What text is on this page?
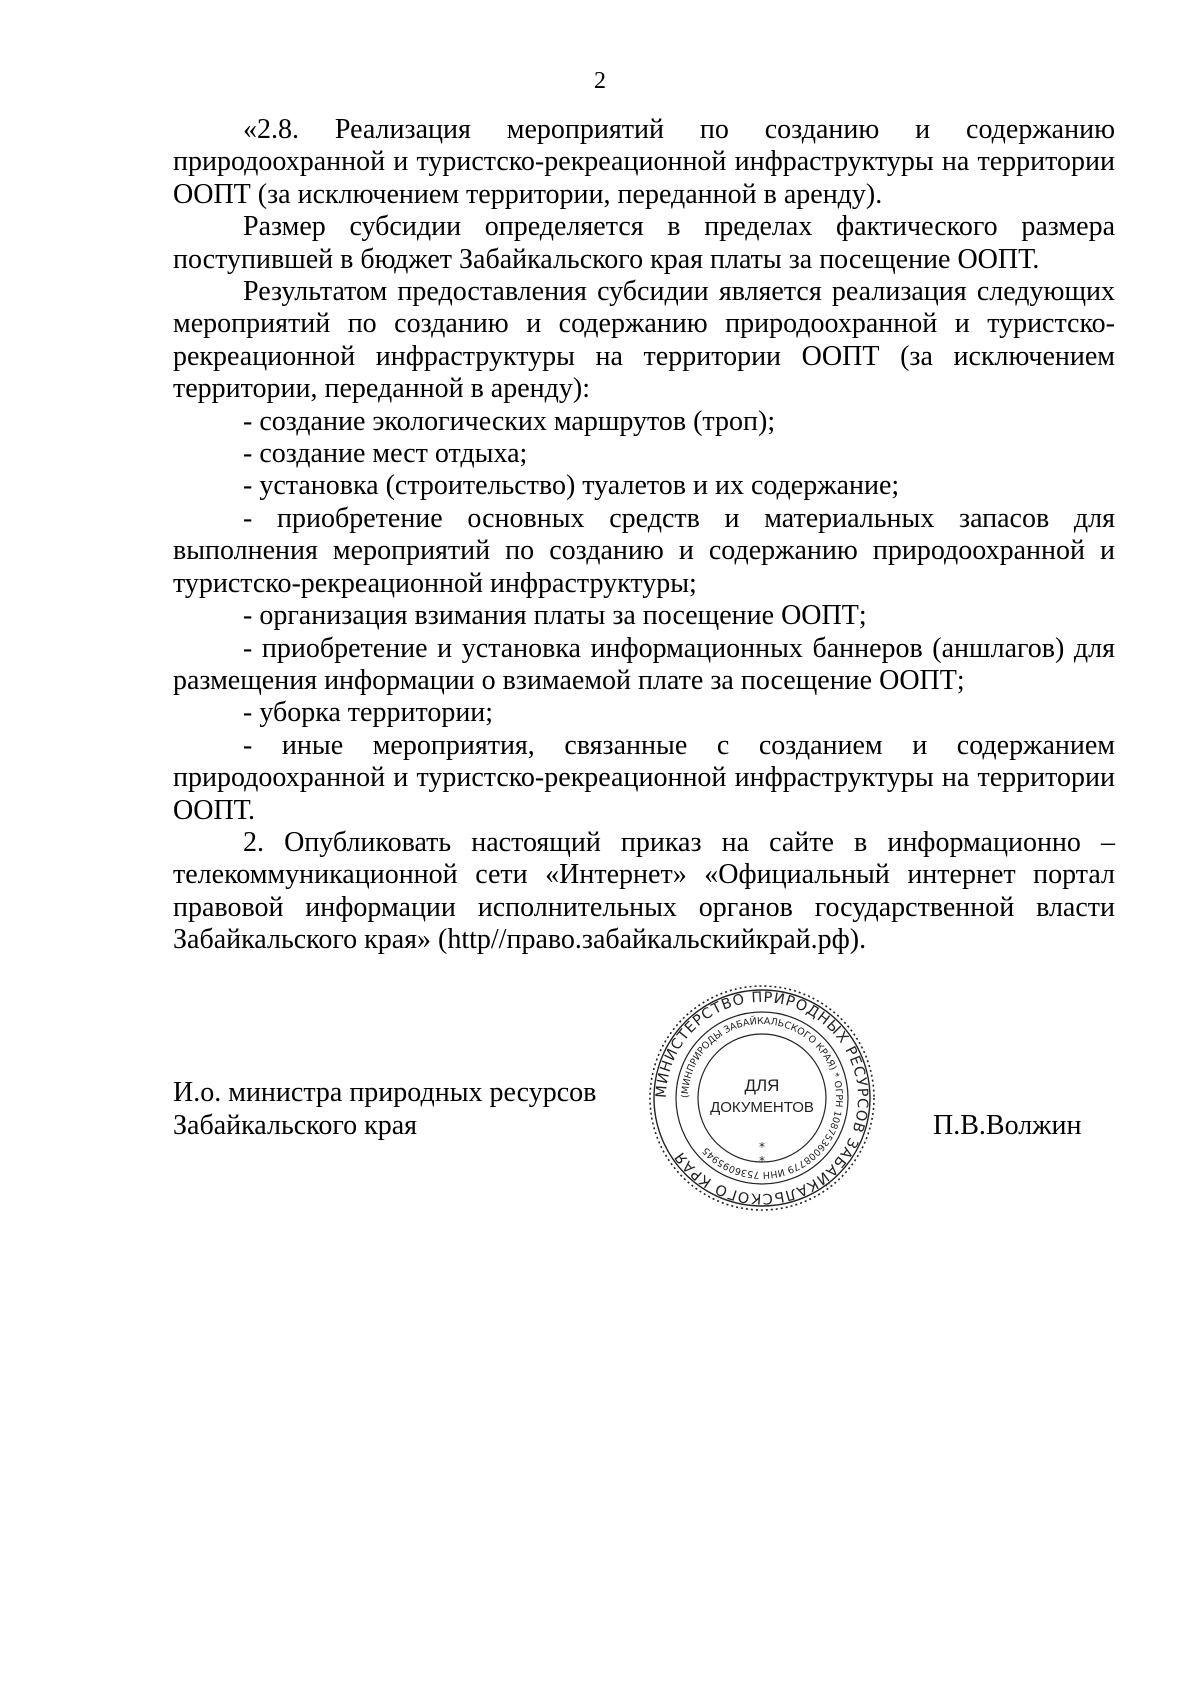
2

«2.8. Реализация мероприятий по созданию и содержанию природоохранной и туристско-рекреационной инфраструктуры на территории ООПТ (за исключением территории, переданной в аренду).

Размер субсидии определяется в пределах фактического размера поступившей в бюджет Забайкальского края платы за посещение ООПТ.

Результатом предоставления субсидии является реализация следующих мероприятий по созданию и содержанию природоохранной и туристско-рекреационной инфраструктуры на территории ООПТ (за исключением территории, переданной в аренду):

- создание экологических маршрутов (троп);

- создание мест отдыха;

- установка (строительство) туалетов и их содержание;

- приобретение основных средств и материальных запасов для выполнения мероприятий по созданию и содержанию природоохранной и туристско-рекреационной инфраструктуры;

- организация взимания платы за посещение ООПТ;

- приобретение и установка информационных баннеров (аншлагов) для размещения информации о взимаемой плате за посещение ООПТ;

- уборка территории;

- иные мероприятия, связанные с созданием и содержанием природоохранной и туристско-рекреационной инфраструктуры на территории ООПТ.

2. Опубликовать настоящий приказ на сайте в информационно – телекоммуникационной сети «Интернет» «Официальный интернет портал правовой информации исполнительных органов государственной власти Забайкальского края» (http//право.забайкальскийкрай.рф).

И.о. министра природных ресурсов
Забайкальского края
МИНИСТЕРСТВО ПРИРОДНЫХ РЕСУРСОВ ЗАБАЙКАЛЬСКОГО КРАЯ
(МИНПРИРОДЫ ЗАБАЙКАЛЬСКОГО КРАЯ) * ОГРН 1087536008779 ИНН 7536095945
ДЛЯ
ДОКУМЕНТОВ
*
*
П.В.Волжин
